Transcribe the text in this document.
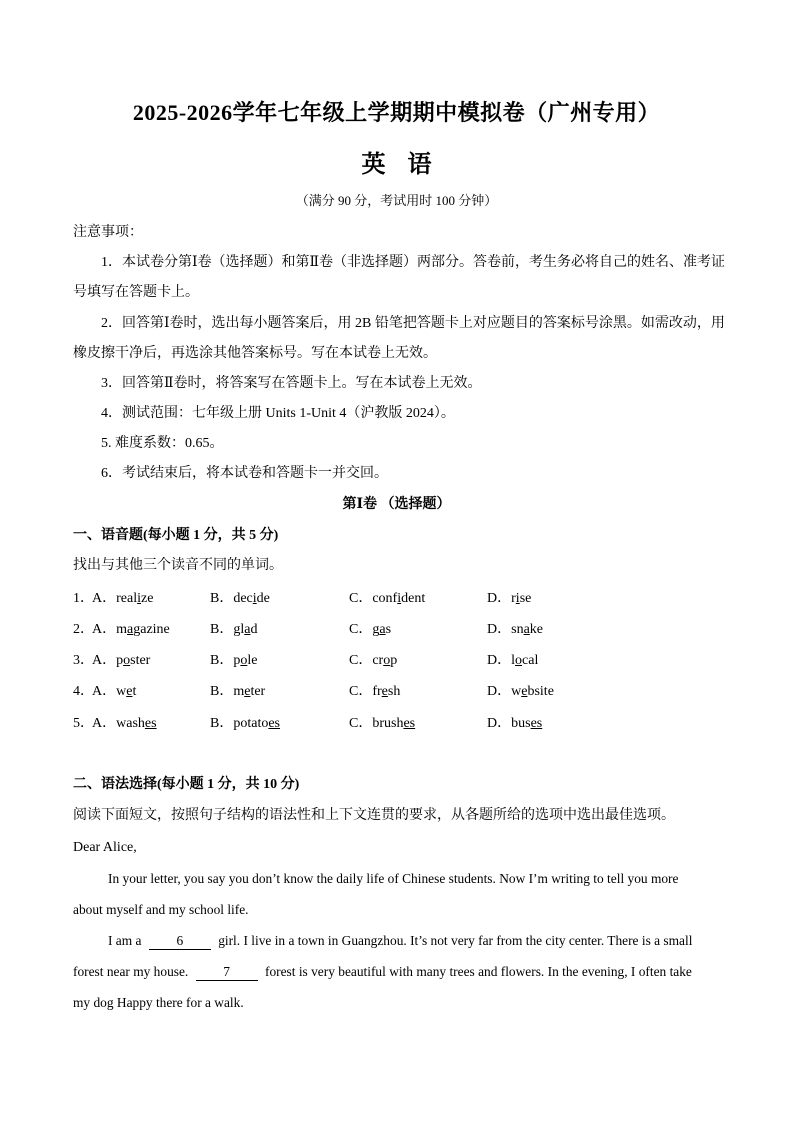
2025-2026学年七年级上学期期中模拟卷（广州专用）
英语
（满分 90 分，考试用时 100 分钟）
注意事项：
1．本试卷分第Ⅰ卷（选择题）和第Ⅱ卷（非选择题）两部分。答卷前，考生务必将自己的姓名、准考证
号填写在答题卡上。
2．回答第Ⅰ卷时，选出每小题答案后，用 2B 铅笔把答题卡上对应题目的答案标号涂黑。如需改动，用
橡皮擦干净后，再选涂其他答案标号。写在本试卷上无效。
3．回答第Ⅱ卷时，将答案写在答题卡上。写在本试卷上无效。
4．测试范围：七年级上册 Units 1-Unit 4（沪教版 2024）。
5. 难度系数：0.65。
6．考试结束后，将本试卷和答题卡一并交回。
第Ⅰ卷 （选择题）
一、语音题(每小题 1 分，共 5 分)
找出与其他三个读音不同的单词。
1．
A．realize	B．decide	C．confident	D．rise
2．
A．magazine	B．glad	C．gas	D．snake
3．
A．poster	B．pole	C．crop	D．local
4．
A．wet	B．meter	C．fresh	D．website
5．
A．washes	B．potatoes	C．brushes	D．buses
二、语法选择(每小题 1 分，共 10 分)
阅读下面短文，按照句子结构的语法性和上下文连贯的要求，从各题所给的选项中选出最佳选项。
Dear Alice,
In your letter, you say you don’t know the daily life of Chinese students. Now I’m writing to tell you more
about myself and my school life.
I am a	6	girl. I live in a town in Guangzhou. It’s not very far from the city center. There is a small
forest near my house.	7	forest is very beautiful with many trees and flowers. In the evening, I often take
my dog Happy there for a walk.
